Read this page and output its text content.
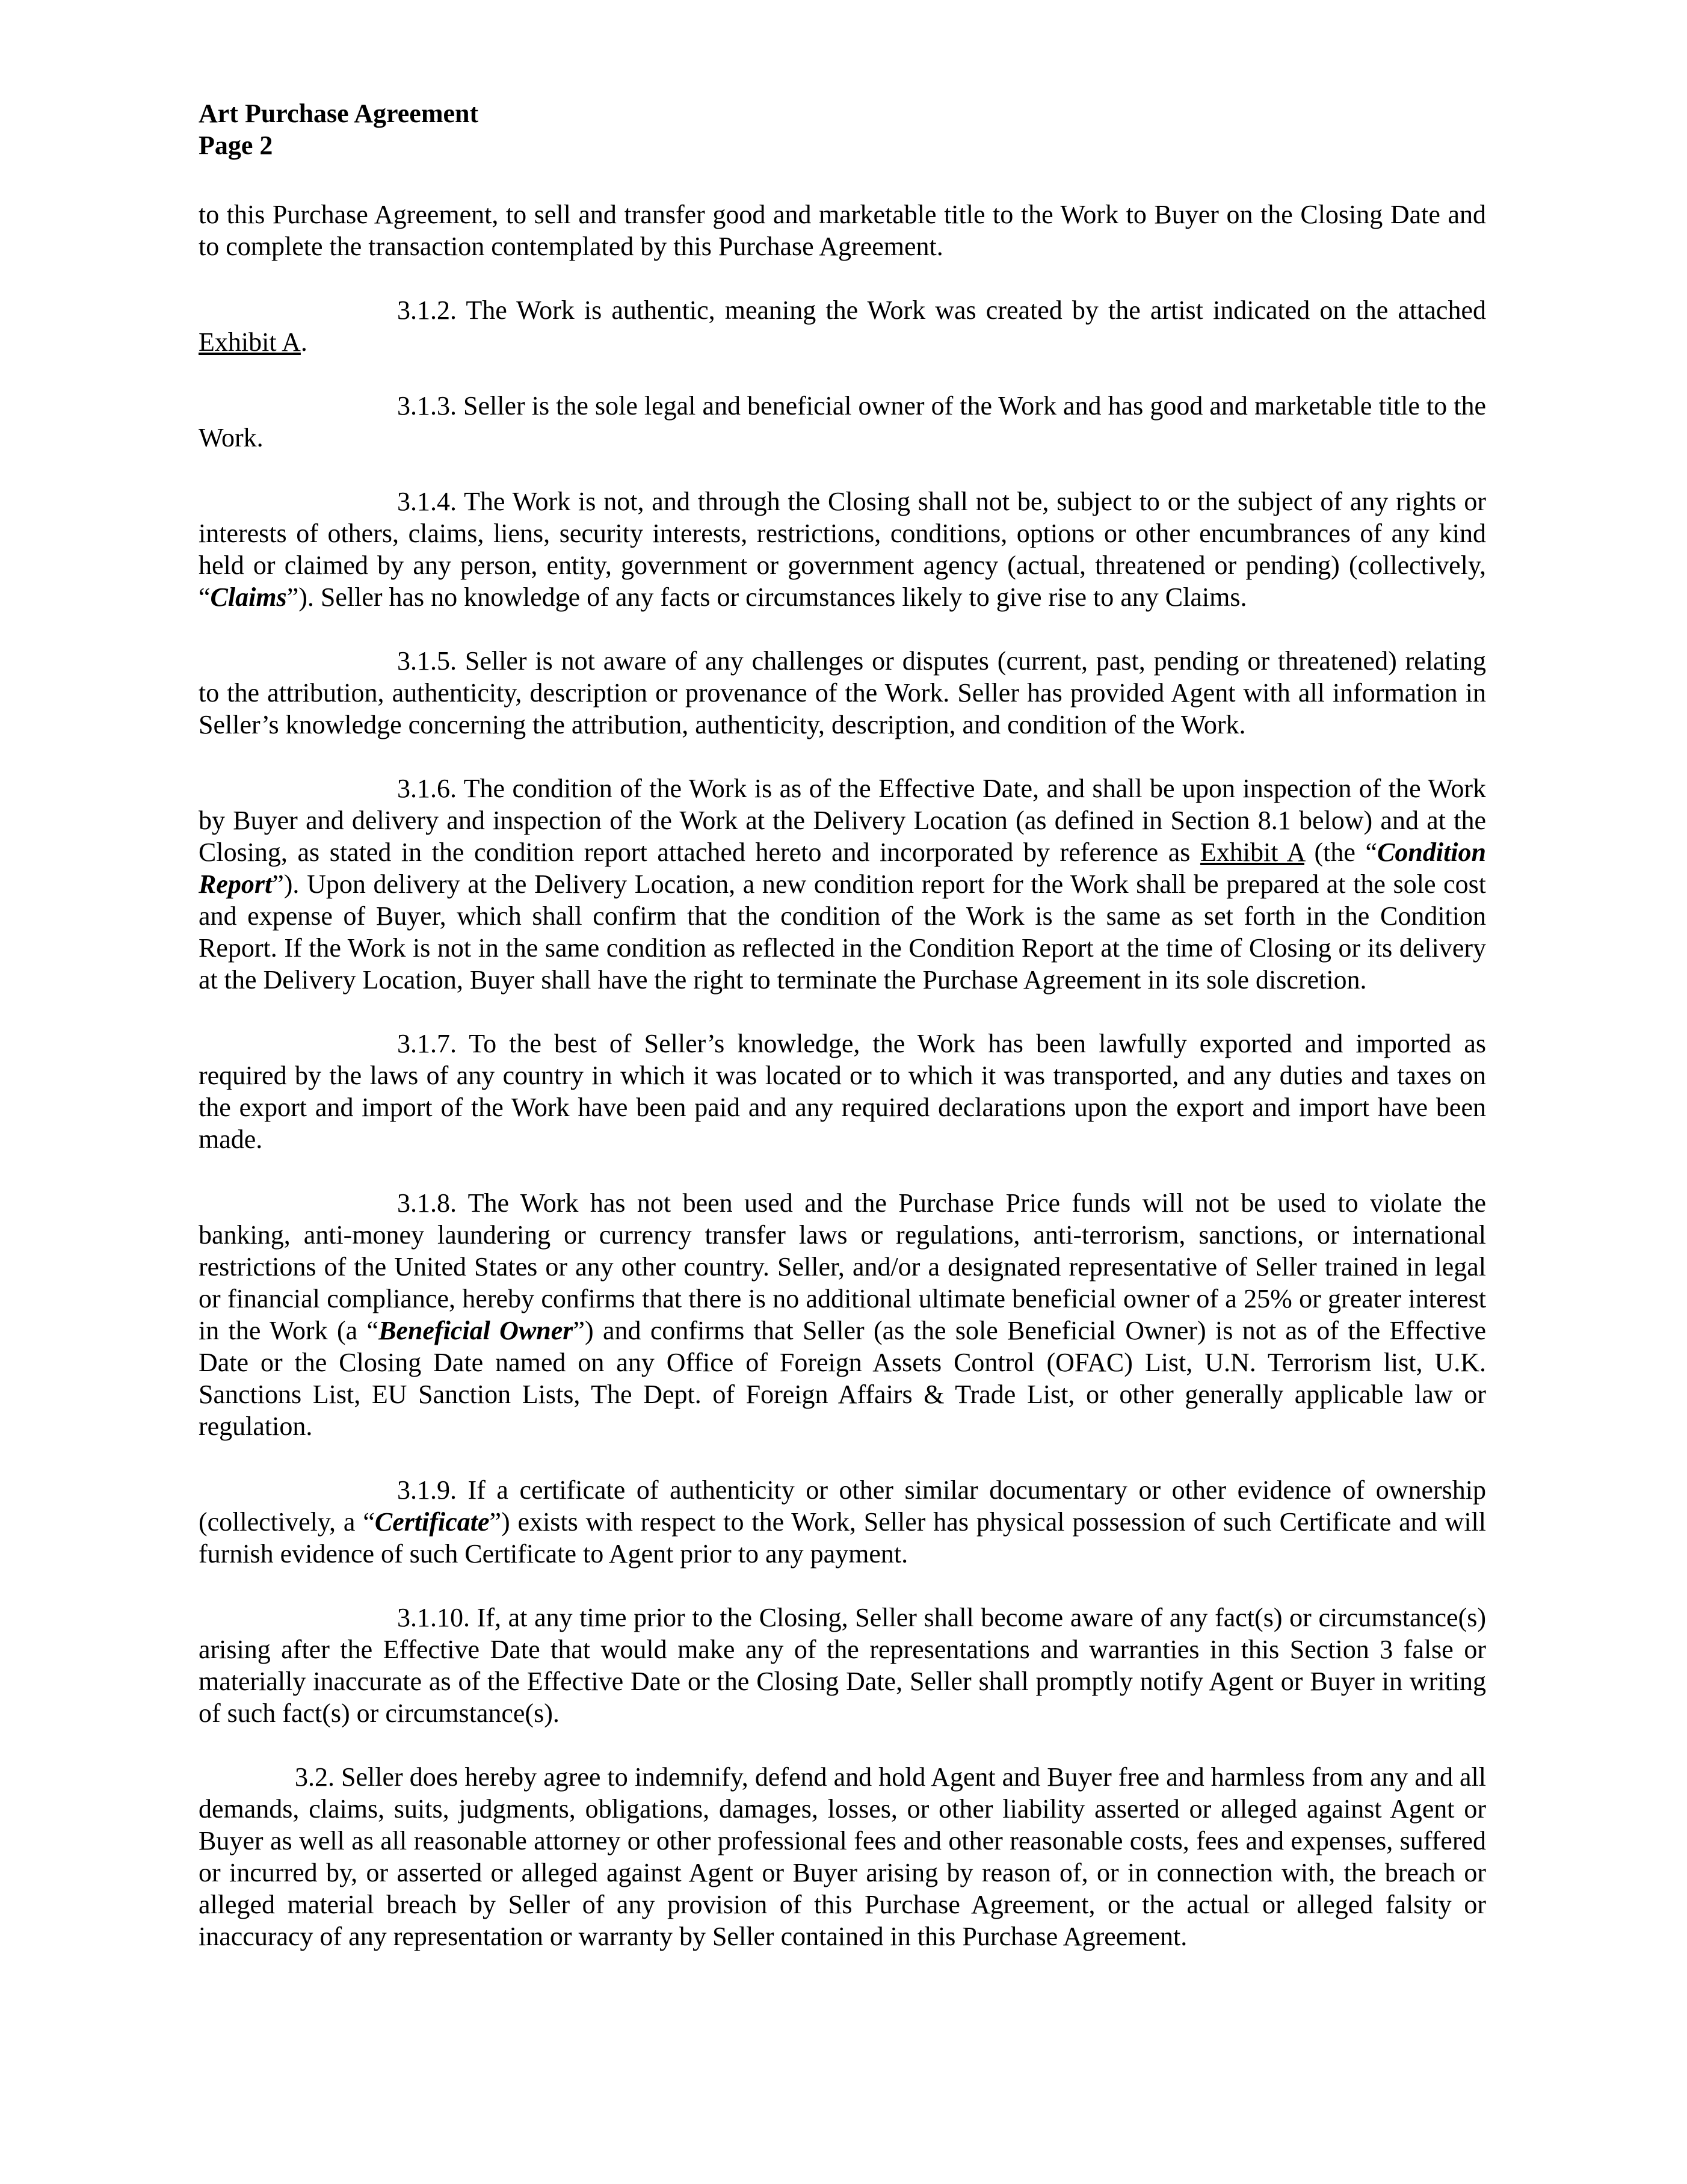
Art Purchase Agreement

Page 2

to this Purchase Agreement, to sell and transfer good and marketable title to the Work to Buyer on the Closing Date and to complete the transaction contemplated by this Purchase Agreement.

3.1.2. The Work is authentic, meaning the Work was created by the artist indicated on the attached Exhibit A.

3.1.3. Seller is the sole legal and beneficial owner of the Work and has good and marketable title to the Work.

3.1.4. The Work is not, and through the Closing shall not be, subject to or the subject of any rights or interests of others, claims, liens, security interests, restrictions, conditions, options or other encumbrances of any kind held or claimed by any person, entity, government or government agency (actual, threatened or pending) (collectively, “Claims”). Seller has no knowledge of any facts or circumstances likely to give rise to any Claims.

3.1.5. Seller is not aware of any challenges or disputes (current, past, pending or threatened) relating to the attribution, authenticity, description or provenance of the Work. Seller has provided Agent with all information in Seller’s knowledge concerning the attribution, authenticity, description, and condition of the Work.

3.1.6. The condition of the Work is as of the Effective Date, and shall be upon inspection of the Work by Buyer and delivery and inspection of the Work at the Delivery Location (as defined in Section 8.1 below) and at the Closing, as stated in the condition report attached hereto and incorporated by reference as Exhibit A (the “Condition Report”). Upon delivery at the Delivery Location, a new condition report for the Work shall be prepared at the sole cost and expense of Buyer, which shall confirm that the condition of the Work is the same as set forth in the Condition Report. If the Work is not in the same condition as reflected in the Condition Report at the time of Closing or its delivery at the Delivery Location, Buyer shall have the right to terminate the Purchase Agreement in its sole discretion.

3.1.7. To the best of Seller’s knowledge, the Work has been lawfully exported and imported as required by the laws of any country in which it was located or to which it was transported, and any duties and taxes on the export and import of the Work have been paid and any required declarations upon the export and import have been made.

3.1.8. The Work has not been used and the Purchase Price funds will not be used to violate the banking, anti-money laundering or currency transfer laws or regulations, anti-terrorism, sanctions, or international restrictions of the United States or any other country. Seller, and/or a designated representative of Seller trained in legal or financial compliance, hereby confirms that there is no additional ultimate beneficial owner of a 25% or greater interest in the Work (a “Beneficial Owner”) and confirms that Seller (as the sole Beneficial Owner) is not as of the Effective Date or the Closing Date named on any Office of Foreign Assets Control (OFAC) List, U.N. Terrorism list, U.K. Sanctions List, EU Sanction Lists, The Dept. of Foreign Affairs & Trade List, or other generally applicable law or regulation.

3.1.9. If a certificate of authenticity or other similar documentary or other evidence of ownership (collectively, a “Certificate”) exists with respect to the Work, Seller has physical possession of such Certificate and will furnish evidence of such Certificate to Agent prior to any payment.

3.1.10. If, at any time prior to the Closing, Seller shall become aware of any fact(s) or circumstance(s) arising after the Effective Date that would make any of the representations and warranties in this Section 3 false or materially inaccurate as of the Effective Date or the Closing Date, Seller shall promptly notify Agent or Buyer in writing of such fact(s) or circumstance(s).

3.2. Seller does hereby agree to indemnify, defend and hold Agent and Buyer free and harmless from any and all demands, claims, suits, judgments, obligations, damages, losses, or other liability asserted or alleged against Agent or Buyer as well as all reasonable attorney or other professional fees and other reasonable costs, fees and expenses, suffered or incurred by, or asserted or alleged against Agent or Buyer arising by reason of, or in connection with, the breach or alleged material breach by Seller of any provision of this Purchase Agreement, or the actual or alleged falsity or inaccuracy of any representation or warranty by Seller contained in this Purchase Agreement.
